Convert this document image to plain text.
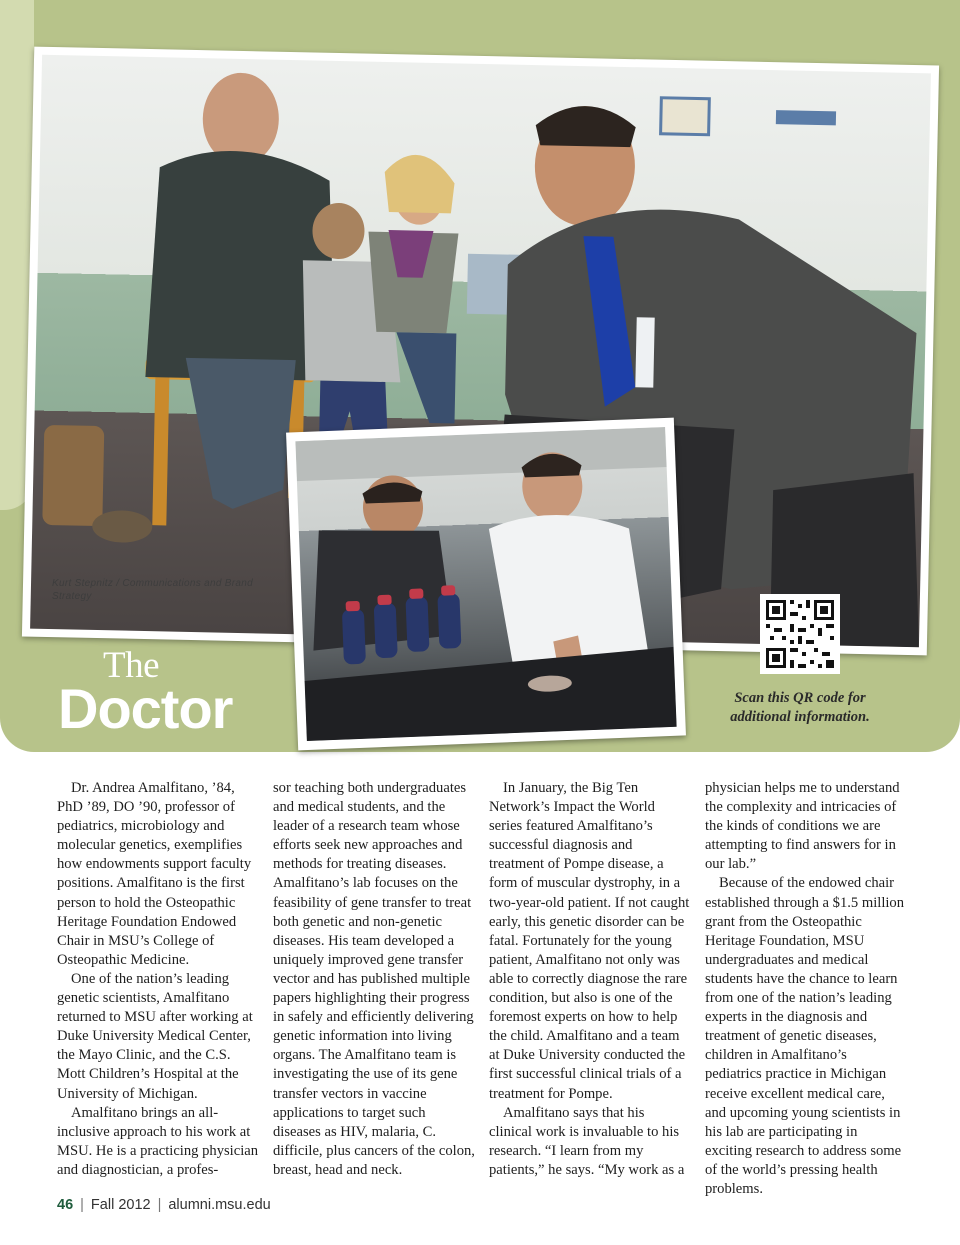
Kurt Stepnitz / Communications and Brand Strategy
Scan this QR code for additional information.
The
Doctor

Dr. Andrea Amalfitano, ’84, PhD ’89, DO ’90, professor of pediatrics, microbiology and molecular genetics, exemplifies how endowments support faculty positions. Amalfitano is the first person to hold the Osteopathic Heritage Foundation Endowed Chair in MSU’s College of Osteopathic Medicine.

One of the nation’s leading genetic scientists, Amalfitano returned to MSU after working at Duke University Medical Center, the Mayo Clinic, and the C.S. Mott Children’s Hospital at the University of Michigan.

Amalfitano brings an all-inclusive approach to his work at MSU. He is a practicing physician and diagnostician, a profes-

sor teaching both undergraduates and medical students, and the leader of a research team whose efforts seek new approaches and methods for treating diseases. Amalfitano’s lab focuses on the feasibility of gene transfer to treat both genetic and non-genetic diseases. His team developed a uniquely improved gene transfer vector and has published multiple papers highlighting their progress in safely and efficiently delivering genetic information into living organs. The Amalfitano team is investigating the use of its gene transfer vectors in vaccine applications to target such diseases as HIV, malaria, C. difficile, plus cancers of the colon, breast, head and neck.

In January, the Big Ten Network’s Impact the World series featured Amalfitano’s successful diagnosis and treatment of Pompe disease, a form of muscular dystrophy, in a two-year-old patient. If not caught early, this genetic disorder can be fatal. Fortunately for the young patient, Amalfitano not only was able to correctly diagnose the rare condition, but also is one of the foremost experts on how to help the child. Amalfitano and a team at Duke University conducted the first successful clinical trials of a treatment for Pompe.

Amalfitano says that his clinical work is invaluable to his research. “I learn from my patients,” he says. “My work as a

physician helps me to understand the complexity and intricacies of the kinds of conditions we are attempting to find answers for in our lab.”

Because of the endowed chair established through a $1.5 million grant from the Osteopathic Heritage Foundation, MSU undergraduates and medical students have the chance to learn from one of the nation’s leading experts in the diagnosis and treatment of genetic diseases, children in Amalfitano’s pediatrics practice in Michigan receive excellent medical care, and upcoming young scientists in his lab are participating in exciting research to address some of the world’s pressing health problems.

46 | Fall 2012 | alumni.msu.edu
